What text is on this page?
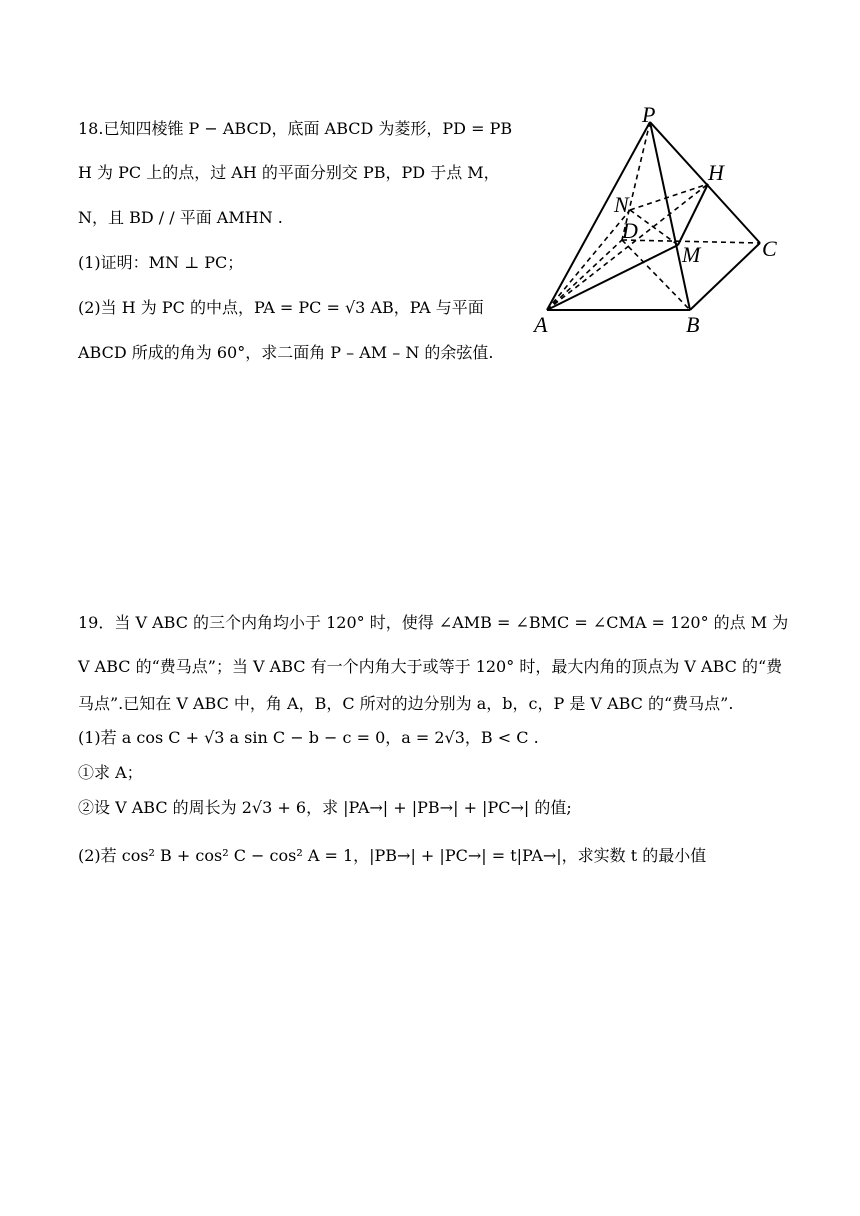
18.已知四棱锥 P − ABCD，底面 ABCD 为菱形，PD = PB
H 为 PC 上的点，过 AH 的平面分别交 PB，PD 于点 M，
N，且 BD / / 平面 AMHN .
(1)证明：MN ⊥ PC；
(2)当 H 为 PC 的中点，PA = PC = √3 AB，PA 与平面
ABCD 所成的角为 60°，求二面角 P – AM – N 的余弦值.
P
H
N
D
M	C
A	B
19．当 V ABC 的三个内角均小于 120° 时，使得 ∠AMB = ∠BMC = ∠CMA = 120° 的点 M 为
V ABC 的“费马点”；当 V ABC 有一个内角大于或等于 120° 时，最大内角的顶点为 V ABC 的“费
马点”.已知在 V ABC 中，角 A，B，C 所对的边分别为 a，b，c，P 是 V ABC 的“费马点”.
(1)若 a cos C + √3 a sin C − b − c = 0，a = 2√3，B < C .
①求 A；
②设 V ABC 的周长为 2√3 + 6，求 |PA→| + |PB→| + |PC→| 的值;
(2)若 cos² B + cos² C − cos² A = 1，|PB→| + |PC→| = t|PA→|，求实数 t 的最小值
